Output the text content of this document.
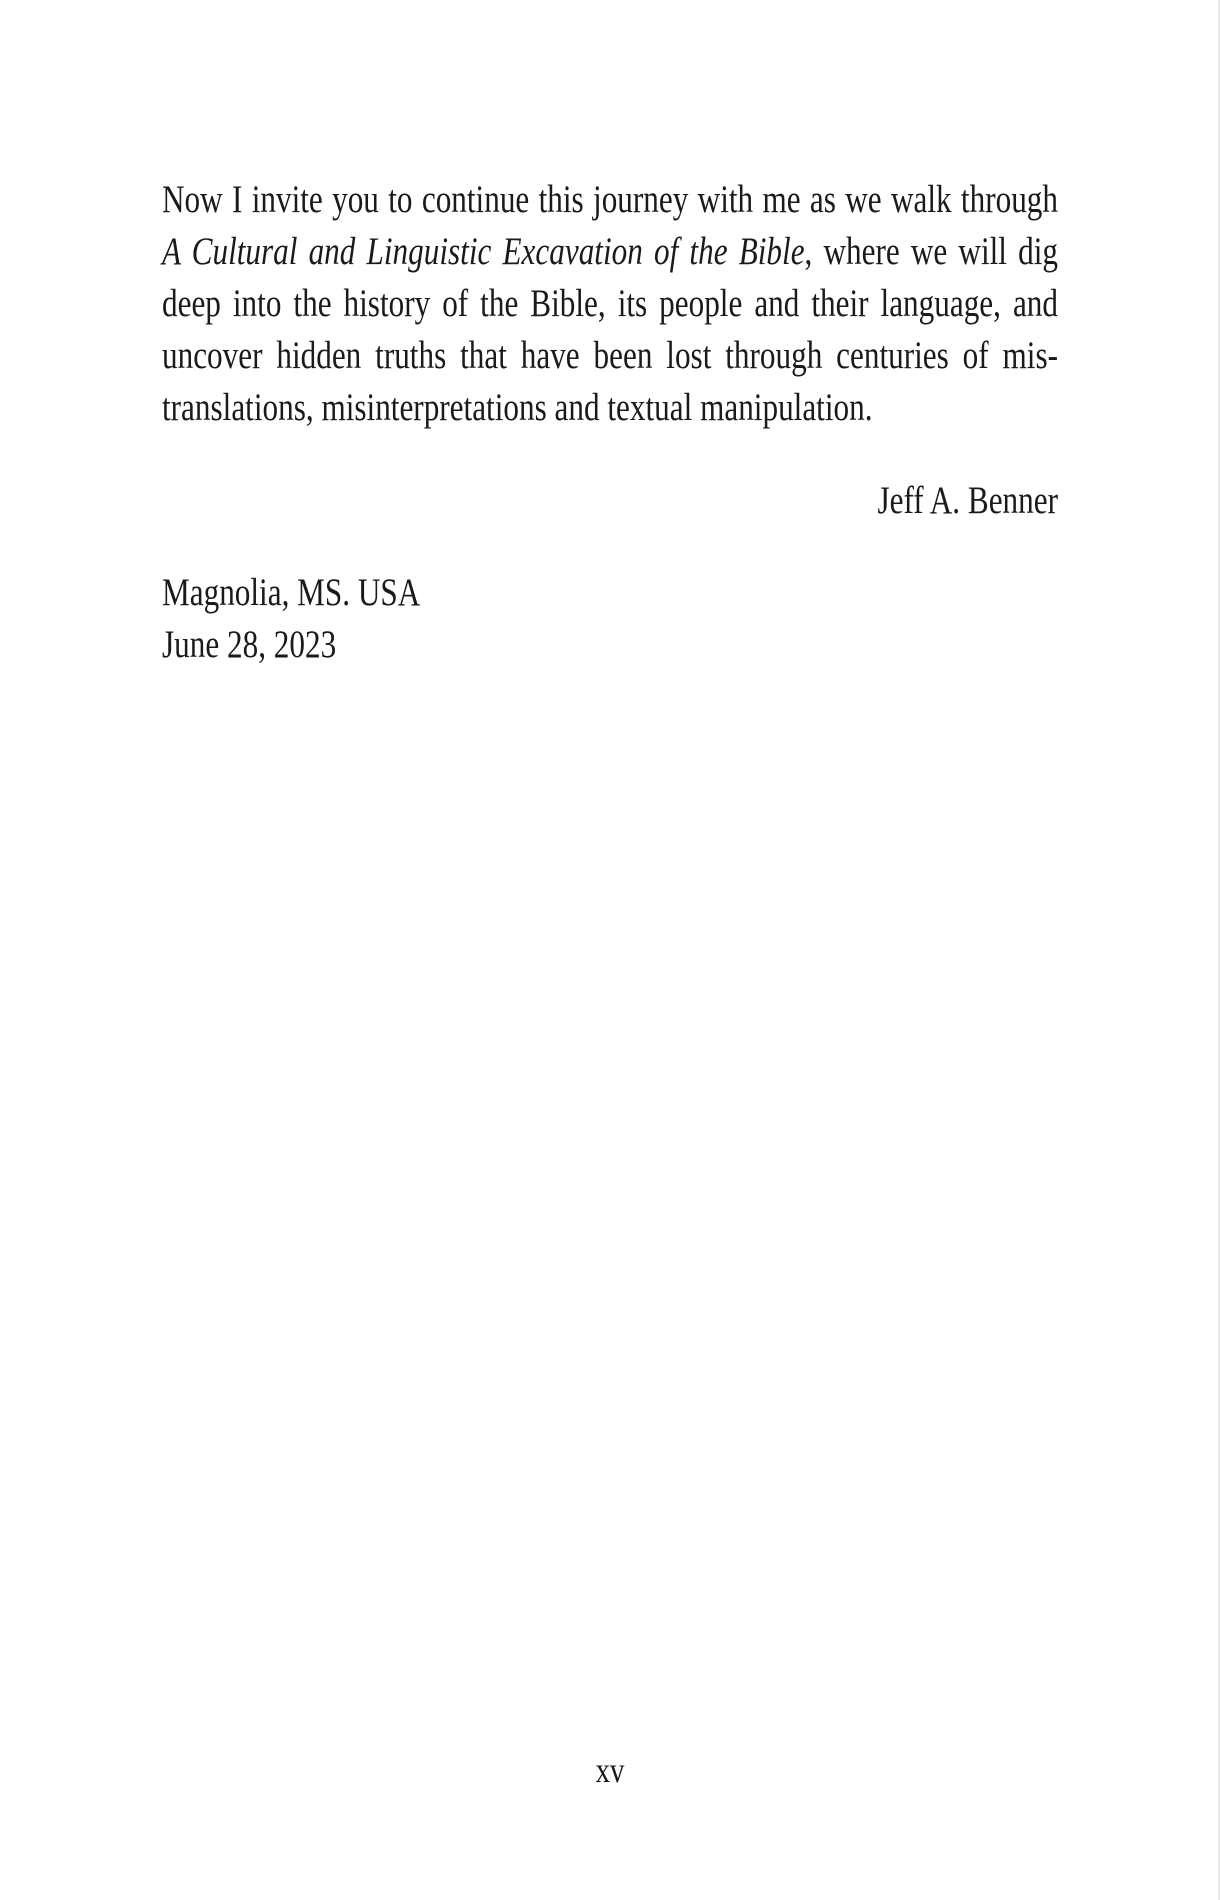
Now I invite you to continue this journey with me as we walk through
A Cultural and Linguistic Excavation of the Bible, where we will dig
deep into the history of the Bible, its people and their language, and
uncover hidden truths that have been lost through centuries of mis-
translations, misinterpretations and textual manipulation.
Jeff A. Benner
Magnolia, MS. USA
June 28, 2023
xv
